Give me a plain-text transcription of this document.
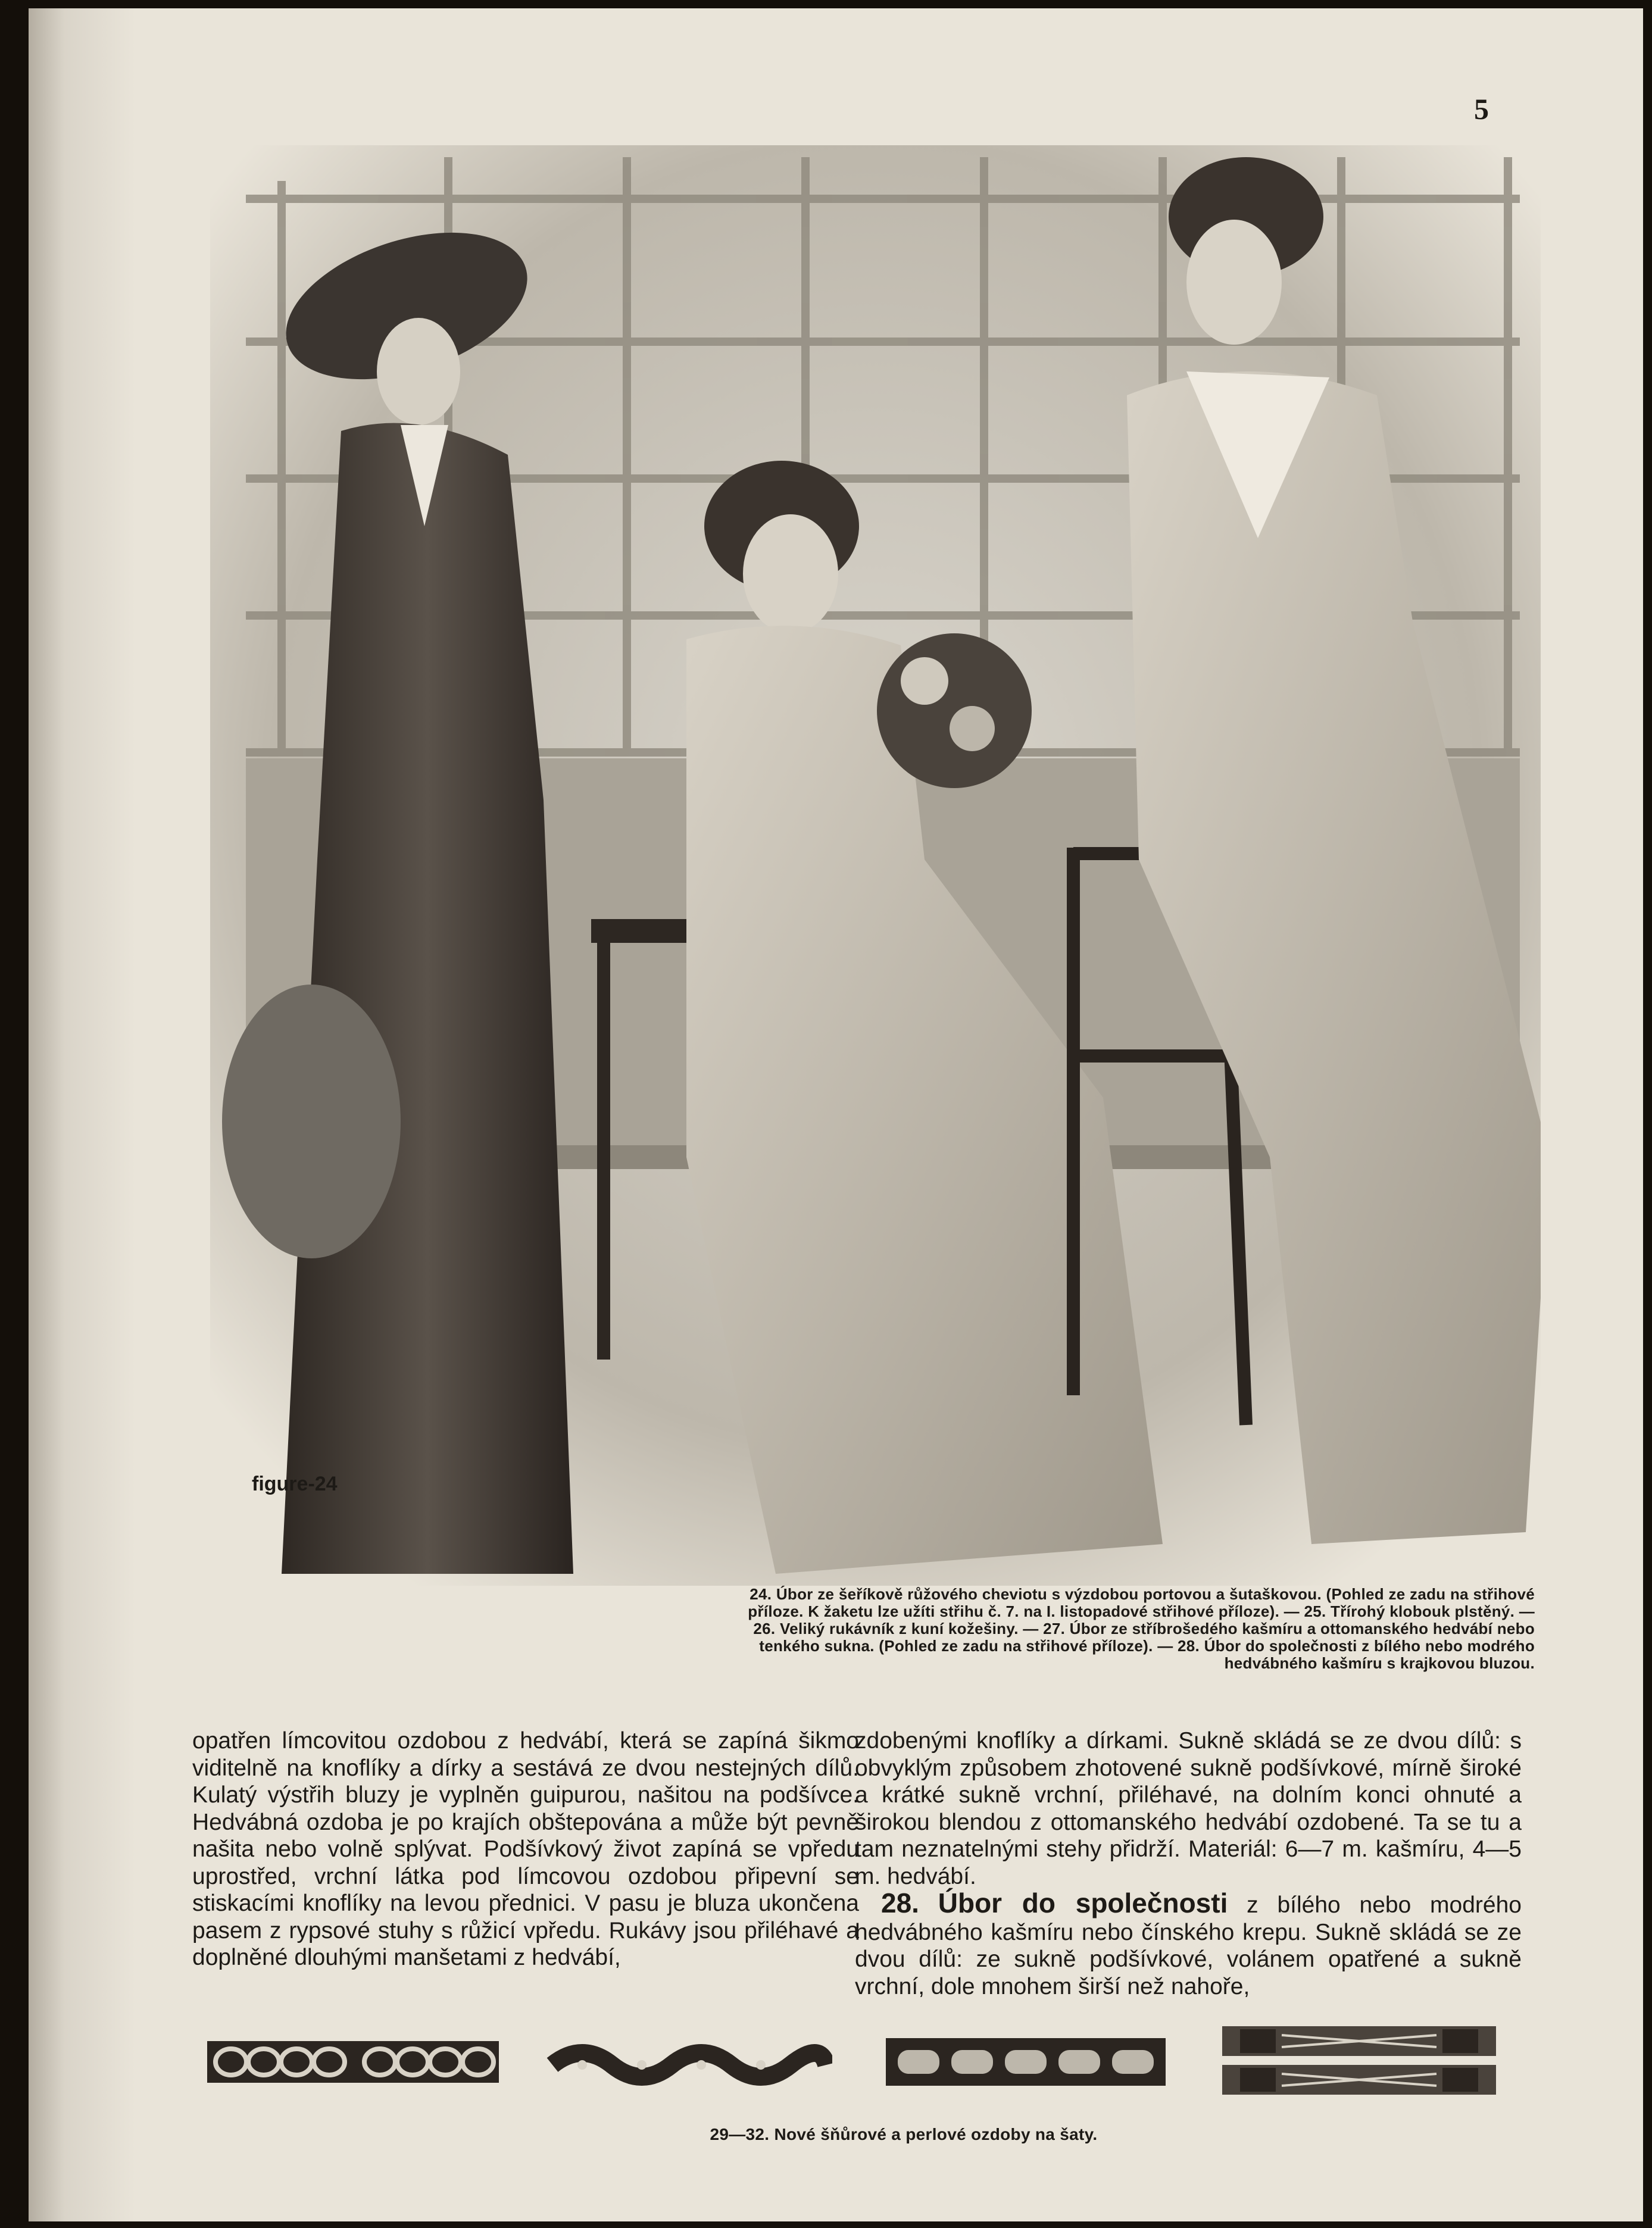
5
figure-24
24. Úbor ze šeříkově růžového cheviotu s výzdobou portovou a šutaškovou. (Pohled ze zadu na střihové příloze. K žaketu lze užíti střihu č. 7. na I. listopadové střihové příloze). — 25. Třírohý klobouk plstěný. — 26. Veliký rukávník z kuní kožešiny. — 27. Úbor ze stříbrošedého kašmíru a ottomanského hedvábí nebo tenkého sukna. (Pohled ze zadu na střihové příloze). — 28. Úbor do společnosti z bílého nebo modrého hedvábného kašmíru s krajkovou bluzou.

opatřen límcovitou ozdobou z hedvábí, která se zapíná šikmo viditelně na knoflíky a dírky a sestává ze dvou nestejných dílů. Kulatý výstřih bluzy je vyplněn guipurou, našitou na podšívce. Hedvábná ozdoba je po krajích obštepována a může být pevně našita nebo volně splývat. Podšívkový život zapíná se vpředu uprostřed, vrchní látka pod límcovou ozdobou připevní se stiskacími knoflíky na levou přednici. V pasu je bluza ukončena pasem z rypsové stuhy s růžicí vpředu. Rukávy jsou přiléhavé a doplněné dlouhými manšetami z hedvábí,

zdobenými knoflíky a dírkami. Sukně skládá se ze dvou dílů: s obvyklým způsobem zhotovené sukně podšívkové, mírně široké a krátké sukně vrchní, přiléhavé, na dolním konci ohnuté a širokou blendou z ottomanského hedvábí ozdobené. Ta se tu a tam neznatelnými stehy přidrží. Materiál: 6—7 m. kašmíru, 4—5 m. hedvábí.

28. Úbor do společnosti z bílého nebo modrého hedvábného kašmíru nebo čínského krepu. Sukně skládá se ze dvou dílů: ze sukně podšívkové, volánem opatřené a sukně vrchní, dole mnohem širší než nahoře,

29—32. Nové šňůrové a perlové ozdoby na šaty.
